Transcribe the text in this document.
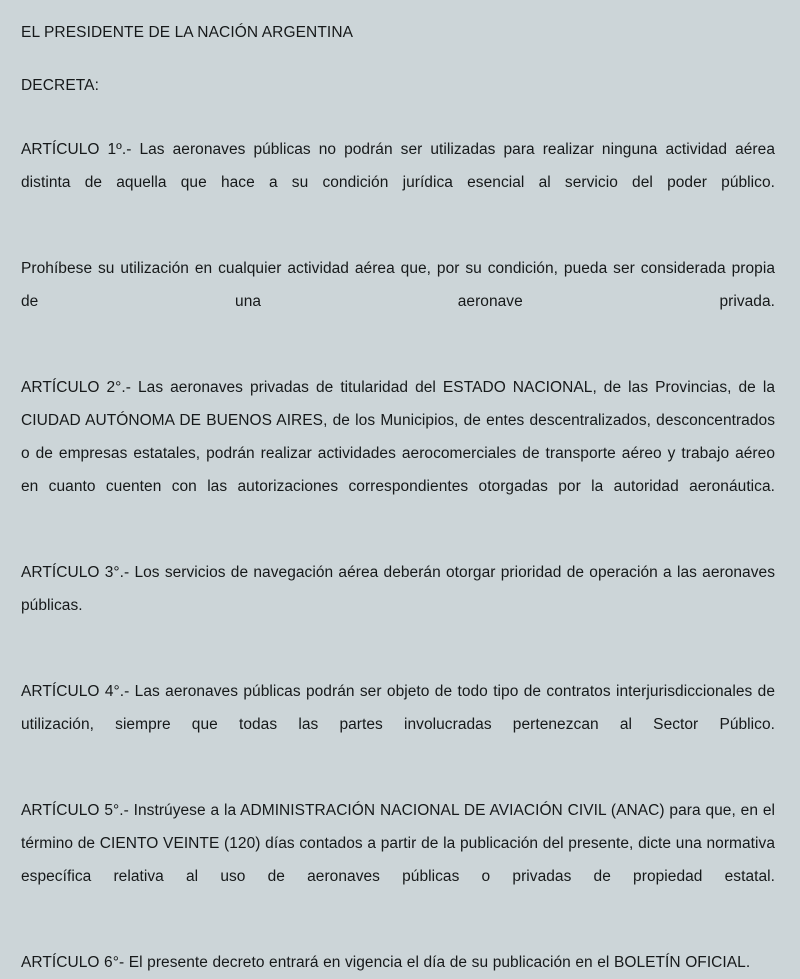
EL PRESIDENTE DE LA NACIÓN ARGENTINA

DECRETA:

ARTÍCULO 1º.- Las aeronaves públicas no podrán ser utilizadas para realizar ninguna actividad aérea distinta de aquella que hace a su condición jurídica esencial al servicio del poder público.

Prohíbese su utilización en cualquier actividad aérea que, por su condición, pueda ser considerada propia de una aeronave privada.

ARTÍCULO 2°.- Las aeronaves privadas de titularidad del ESTADO NACIONAL, de las Provincias, de la CIUDAD AUTÓNOMA DE BUENOS AIRES, de los Municipios, de entes descentralizados, desconcentrados o de empresas estatales, podrán realizar actividades aerocomerciales de transporte aéreo y trabajo aéreo en cuanto cuenten con las autorizaciones correspondientes otorgadas por la autoridad aeronáutica.

ARTÍCULO 3°.- Los servicios de navegación aérea deberán otorgar prioridad de operación a las aeronaves públicas.

ARTÍCULO 4°.- Las aeronaves públicas podrán ser objeto de todo tipo de contratos interjurisdiccionales de utilización, siempre que todas las partes involucradas pertenezcan al Sector Público.

ARTÍCULO 5°.- Instrúyese a la ADMINISTRACIÓN NACIONAL DE AVIACIÓN CIVIL (ANAC) para que, en el término de CIENTO VEINTE (120) días contados a partir de la publicación del presente, dicte una normativa específica relativa al uso de aeronaves públicas o privadas de propiedad estatal.

ARTÍCULO 6°- El presente decreto entrará en vigencia el día de su publicación en el BOLETÍN OFICIAL.
